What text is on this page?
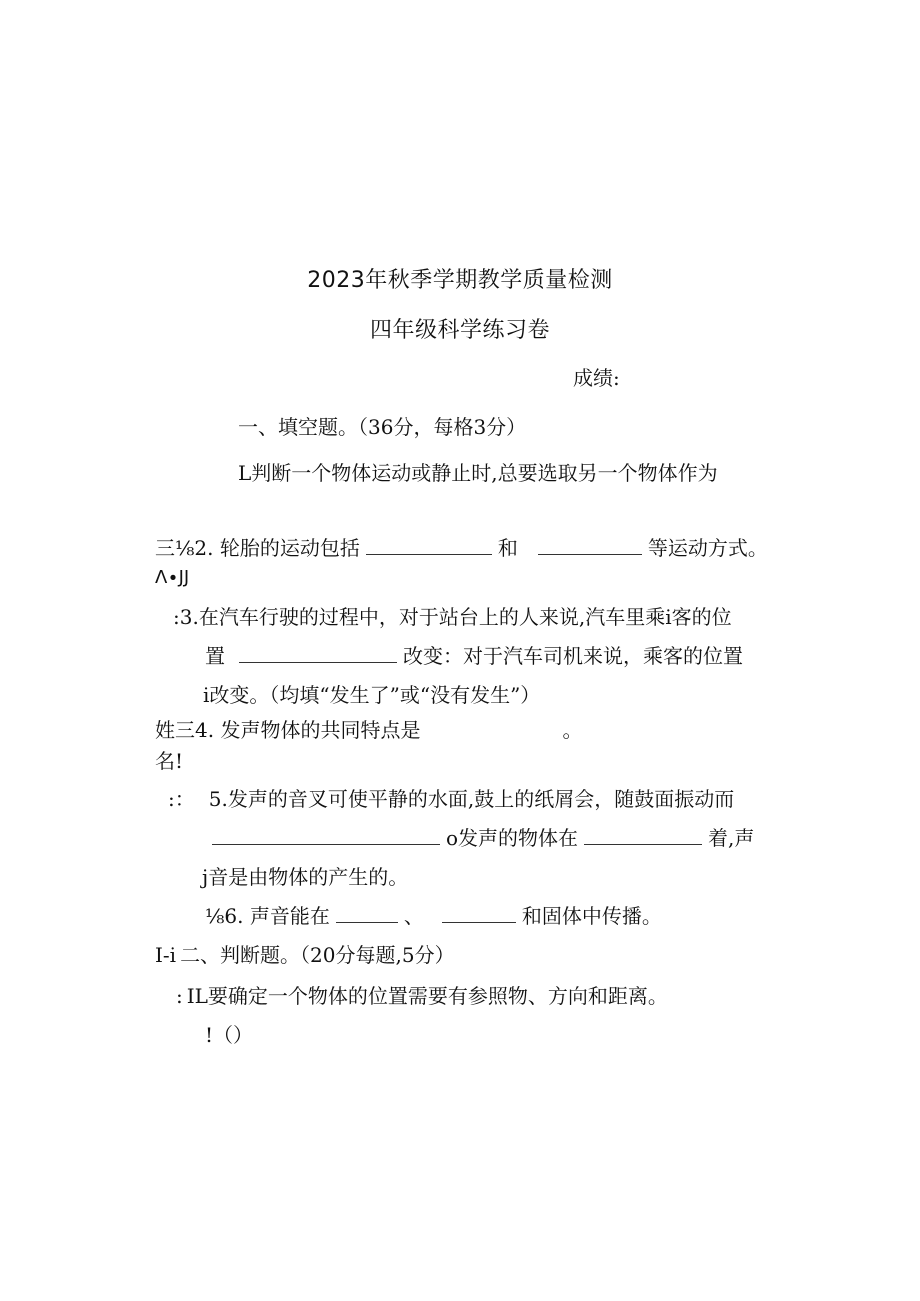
2023年秋季学期教学质量检测
四年级科学练习卷
成绩:
一、填空题。（36分，每格3分）
L判断一个物体运动或静止时,总要选取另一个物体作为
三⅛2. 轮胎的运动包括	和	等运动方式。
Λ∙JJ
:3.在汽车行驶的过程中，对于站台上的人来说,汽车里乘i客的位
置	改变：对于汽车司机来说，乘客的位置
i改变。（均填“发生了”或“没有发生”）
姓三4. 发声物体的共同特点是	。
名!
:： 5.发声的音叉可使平静的水面,鼓上的纸屑会，随鼓面振动而
o发声的物体在	着,声
j音是由物体的产生的。
⅛6. 声音能在	、	和固体中传播。
I-i 二、判断题。（20分每题,5分）
: IL要确定一个物体的位置需要有参照物、方向和距离。
!（）
